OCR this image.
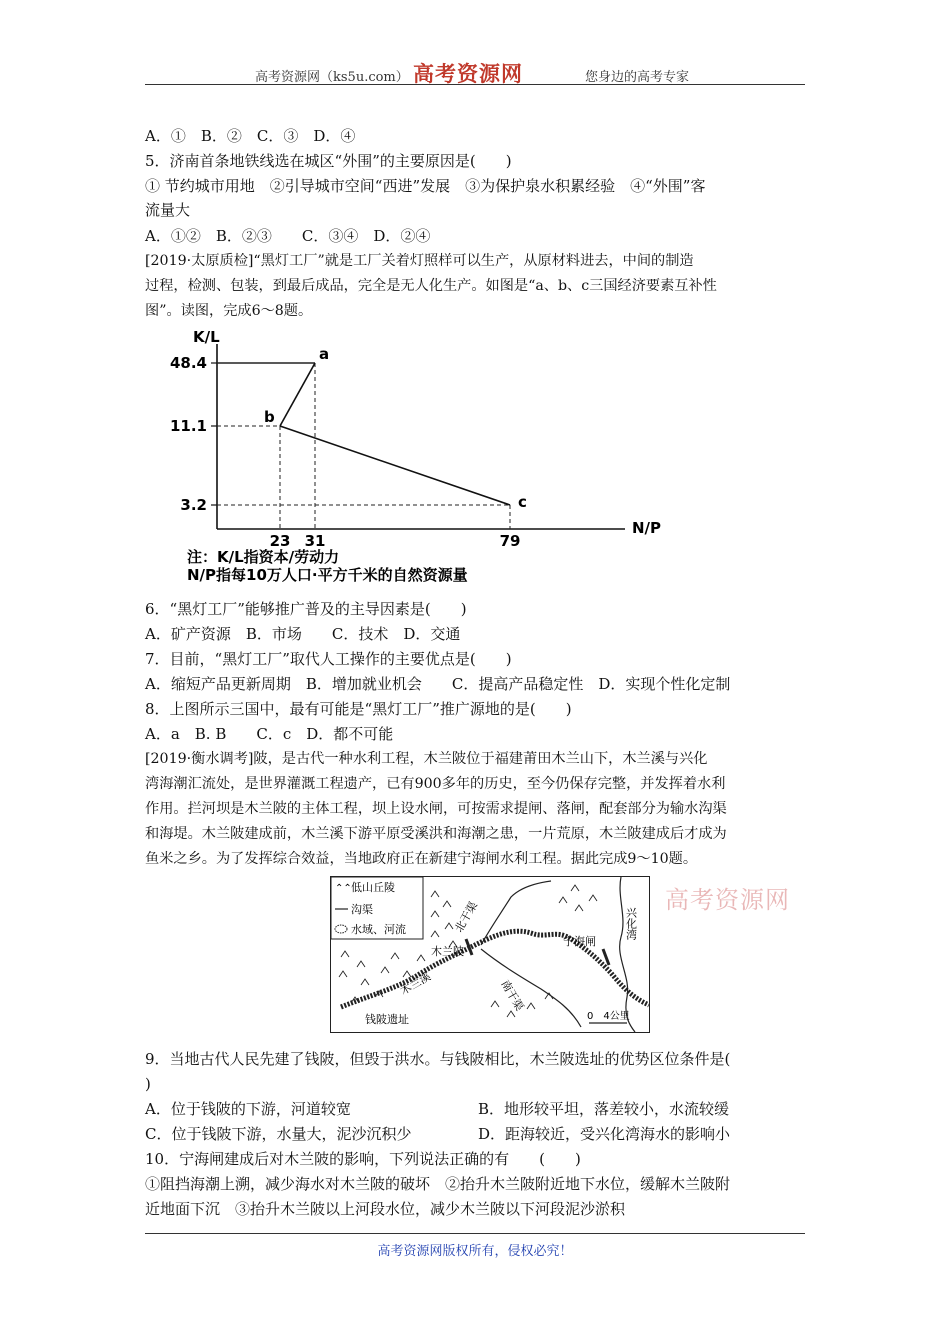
高考资源网（ks5u.com） 高考资源网	您身边的高考专家
A．①　B．②　C．③　D．④
5．济南首条地铁线选在城区“外围”的主要原因是(　　)
① 节约城市用地　②引导城市空间“西进”发展　③为保护泉水积累经验　④“外围”客
流量大
A．①②　B．②③　　C．③④　D．②④
[2019·太原质检]“黑灯工厂”就是工厂关着灯照样可以生产，从原材料进去，中间的制造
过程，检测、包装，到最后成品，完全是无人化生产。如图是“a、b、c三国经济要素互补性
图”。读图，完成6～8题。
K/L
N/P
a
b
c
48.4
11.1
3.2
23 31	79
注：K/L指资本/劳动力
N/P指每10万人口·平方千米的自然资源量
6．“黑灯工厂”能够推广普及的主导因素是(　　)
A．矿产资源　B．市场　　C．技术　D．交通
7．目前，“黑灯工厂”取代人工操作的主要优点是(　　)
A．缩短产品更新周期　B．增加就业机会　　C．提高产品稳定性　D．实现个性化定制
8．上图所示三国中，最有可能是“黑灯工厂”推广源地的是(　　)
A．a　B. B　　C．c　D．都不可能
[2019·衡水调考]陂，是古代一种水利工程，木兰陂位于福建莆田木兰山下，木兰溪与兴化
湾海潮汇流处，是世界灌溉工程遗产，已有900多年的历史，至今仍保存完整，并发挥着水利
作用。拦河坝是木兰陂的主体工程，坝上设水闸，可按需求提闸、落闸，配套部分为输水沟渠
和海堤。木兰陂建成前，木兰溪下游平原受溪洪和海潮之患，一片荒原，木兰陂建成后才成为
鱼米之乡。为了发挥综合效益，当地政府正在新建宁海闸水利工程。据此完成9～10题。
⌃⌃ 低山丘陵
沟渠
水域、河流
木兰陂
北干渠
南干渠
木兰溪
钱陂遗址
宁海闸
兴化湾
0　4公里
高考资源网
9．当地古代人民先建了钱陂，但毁于洪水。与钱陂相比，木兰陂选址的优势区位条件是(
)
A．位于钱陂的下游，河道较宽	B．地形较平坦，落差较小，水流较缓
C．位于钱陂下游，水量大，泥沙沉积少	D．距海较近，受兴化湾海水的影响小
10．宁海闸建成后对木兰陂的影响，下列说法正确的有　　(　　)
①阻挡海潮上溯，减少海水对木兰陂的破坏　②抬升木兰陂附近地下水位，缓解木兰陂附
近地面下沉　③抬升木兰陂以上河段水位，减少木兰陂以下河段泥沙淤积
高考资源网版权所有，侵权必究！
